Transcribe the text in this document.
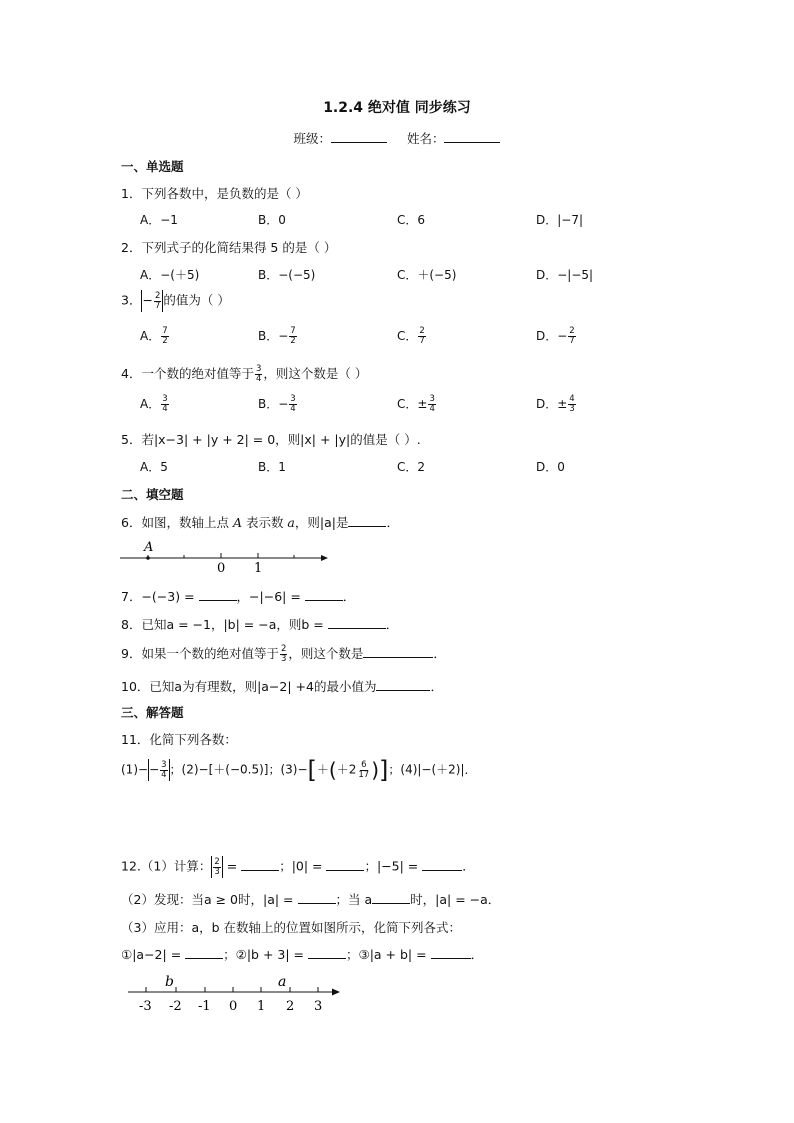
1.2.4 绝对值 同步练习
班级：	姓名：
一、单选题
1．下列各数中，是负数的是（ ）
A．−1	B．0	C．6	D．|−7|
2．下列式子的化简结果得 5 的是（ ）
A．−(＋5)	B．−(−5)	C．＋(−5)	D．−|−5|
3．− $\frac{2}{7}$ 的值为（ ）
A． $\frac{7}{2}$	B．− $\frac{7}{2}$	C． $\frac{2}{7}$	D．− $\frac{2}{7}$
4．一个数的绝对值等于 $\frac{3}{4}$ ，则这个数是（ ）
A． $\frac{3}{4}$	B．− $\frac{3}{4}$	C．± $\frac{3}{4}$	D．± $\frac{4}{3}$
5．若|x−3| + |y + 2| = 0，则|x| + |y|的值是（ ）.
A．5	B．1	C．2	D．0
二、填空题
6．如图，数轴上点 A 表示数 a，则|a|是	．
A
0 1
7．−(−3) =	，−|−6| =	．
8．已知a = −1，|b| = −a，则b =	．
9．如果一个数的绝对值等于 $\frac{2}{3}$ ，则这个数是	．
10．已知a为有理数，则|a−2| +4的最小值为	．
三、解答题
11．化简下列各数：
$(1)-- \frac{3}{4}$ ；(2)−[＋(−0.5)]；$(3)-[+(+2 \frac{6}{17}$ )]；(4)|−(＋2)|．
12.（1）计算： $\frac{2}{3}$ =	；|0| =	；|−5| =	．
（2）发现：当a ≥ 0时，|a| =	；当 a	时，|a| = −a．
（3）应用：a，b 在数轴上的位置如图所示，化简下列各式：
①|a−2| =	；②|b + 3| =	；③|a + b| =	．
b	a
-3 -2 -1 0 1 2 3
